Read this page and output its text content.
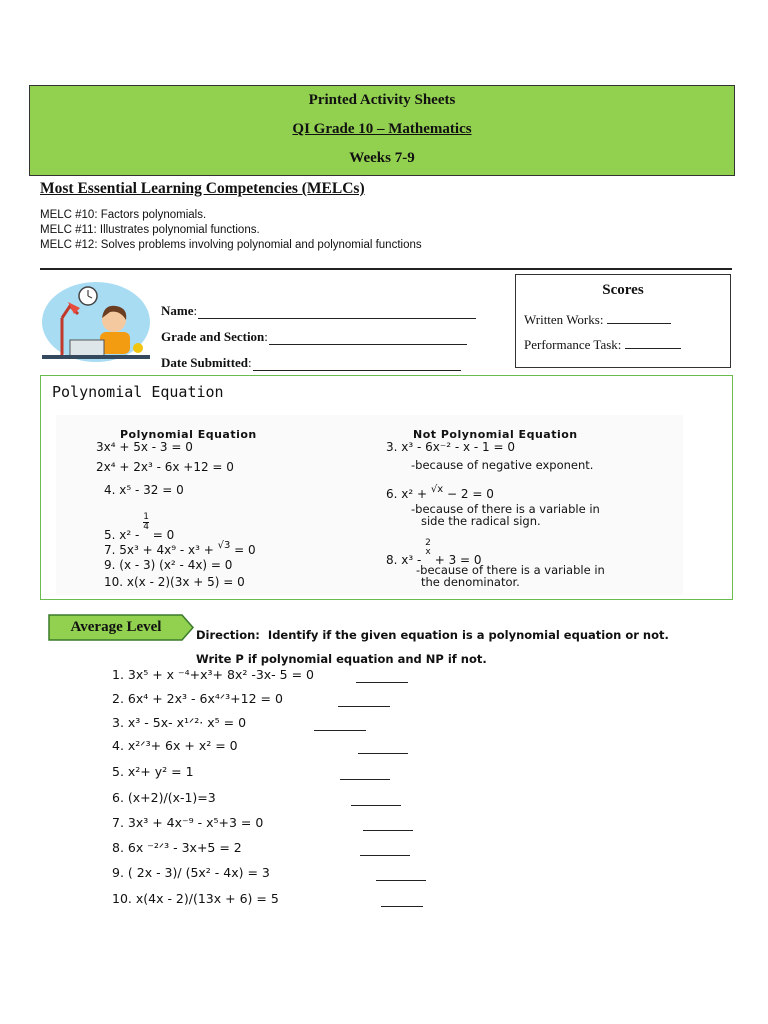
Printed Activity Sheets
QI Grade 10 – Mathematics
Weeks 7-9
Most Essential Learning Competencies (MELCs)
MELC #10: Factors polynomials.
MELC #11: Illustrates polynomial functions.
MELC #12: Solves problems involving polynomial and polynomial functions
Name :
Grade and Section :
Date Submitted :
Scores
Written Works:
Performance Task:
Polynomial Equation
Polynomial Equation	Not Polynomial Equation
3x⁴ + 5x - 3 = 0
2x⁴ + 2x³ - 6x +12 = 0
4. x⁵ - 32 = 0
5. x² -
$\frac{1}{4}$
= 0
7. 5x³ + 4x⁹ - x³ + $^{√3}$ = 0
9. (x - 3) (x² - 4x) = 0
10. x(x - 2)(3x + 5) = 0
3. x³ - 6x⁻² - x - 1 = 0
-because of negative exponent.
6. x² + $^{√x}$ − 2 = 0
-because of there is a variable in
side the radical sign.
8. x³ -
2
x
+ 3 = 0
-because of there is a variable in
the denominator.
Average Level	Direction: Identify if the given equation is a polynomial equation or not.
Write P if polynomial equation and NP if not.
1. 3x⁵ + x ⁻⁴+x³+ 8x² -3x- 5 = 0
2. 6x⁴ + 2x³ - 6x⁴ᐟ³+12 = 0
3. x³ - 5x- x¹ᐟ²· x⁵ = 0
4. x²ᐟ³+ 6x + x² = 0
5. x²+ y² = 1
6. (x+2)/(x-1)=3
7. 3x³ + 4x⁻⁹ - x⁵+3 = 0
8. 6x ⁻²ᐟ³ - 3x+5 = 2
9. ( 2x - 3)/ (5x² - 4x) = 3
10. x(4x - 2)/(13x + 6) = 5
